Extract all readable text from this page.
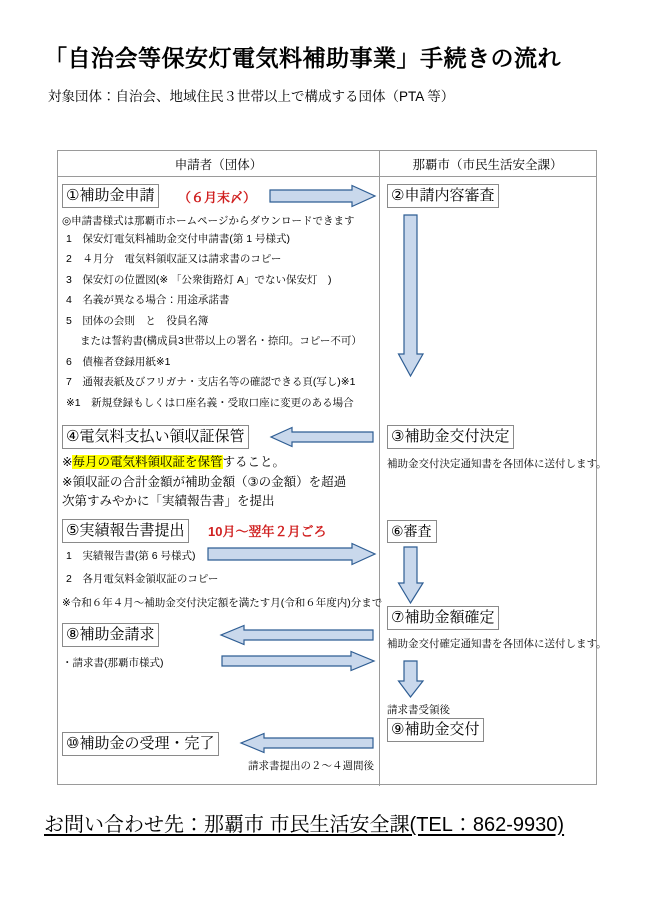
「自治会等保安灯電気料補助事業」手続きの流れ
対象団体：自治会、地域住民３世帯以上で構成する団体（PTA 等）
申請者（団体）	那覇市（市民生活安全課）
①補助金申請	（６月末〆）
◎申請書様式は那覇市ホームページからダウンロードできます
1　保安灯電気料補助金交付申請書(第 1 号様式)
2　４月分　電気料領収証又は請求書のコピー
3　保安灯の位置図(※ 「公衆街路灯 A」でない保安灯　)
4　名義が異なる場合：用途承諾書
5　団体の会則　と　役員名簿
または誓約書(構成員3世帯以上の署名・捺印。コピー不可）
6　債権者登録用紙※1
7　通報表紙及びフリガナ・支店名等の確認できる頁(写し)※1
※1　新規登録もしくは口座名義・受取口座に変更のある場合
④電気料支払い領収証保管
※毎月の電気料領収証を保管すること。
※領収証の合計金額が補助金額（③の金額）を超過
次第すみやかに「実績報告書」を提出
⑤実績報告書提出	10月～翌年２月ごろ
1　実績報告書(第 6 号様式)
2　各月電気料金領収証のコピー
※令和６年４月～補助金交付決定額を満たす月(令和６年度内)分まで
⑧補助金請求
・請求書(那覇市様式)
⑩補助金の受理・完了
請求書提出の２～４週間後
②申請内容審査
③補助金交付決定
補助金交付決定通知書を各団体に送付します。
⑥審査
⑦補助金額確定
補助金交付確定通知書を各団体に送付します。
請求書受領後
⑨補助金交付
お問い合わせ先：那覇市 市民生活安全課(TEL：862-9930)
